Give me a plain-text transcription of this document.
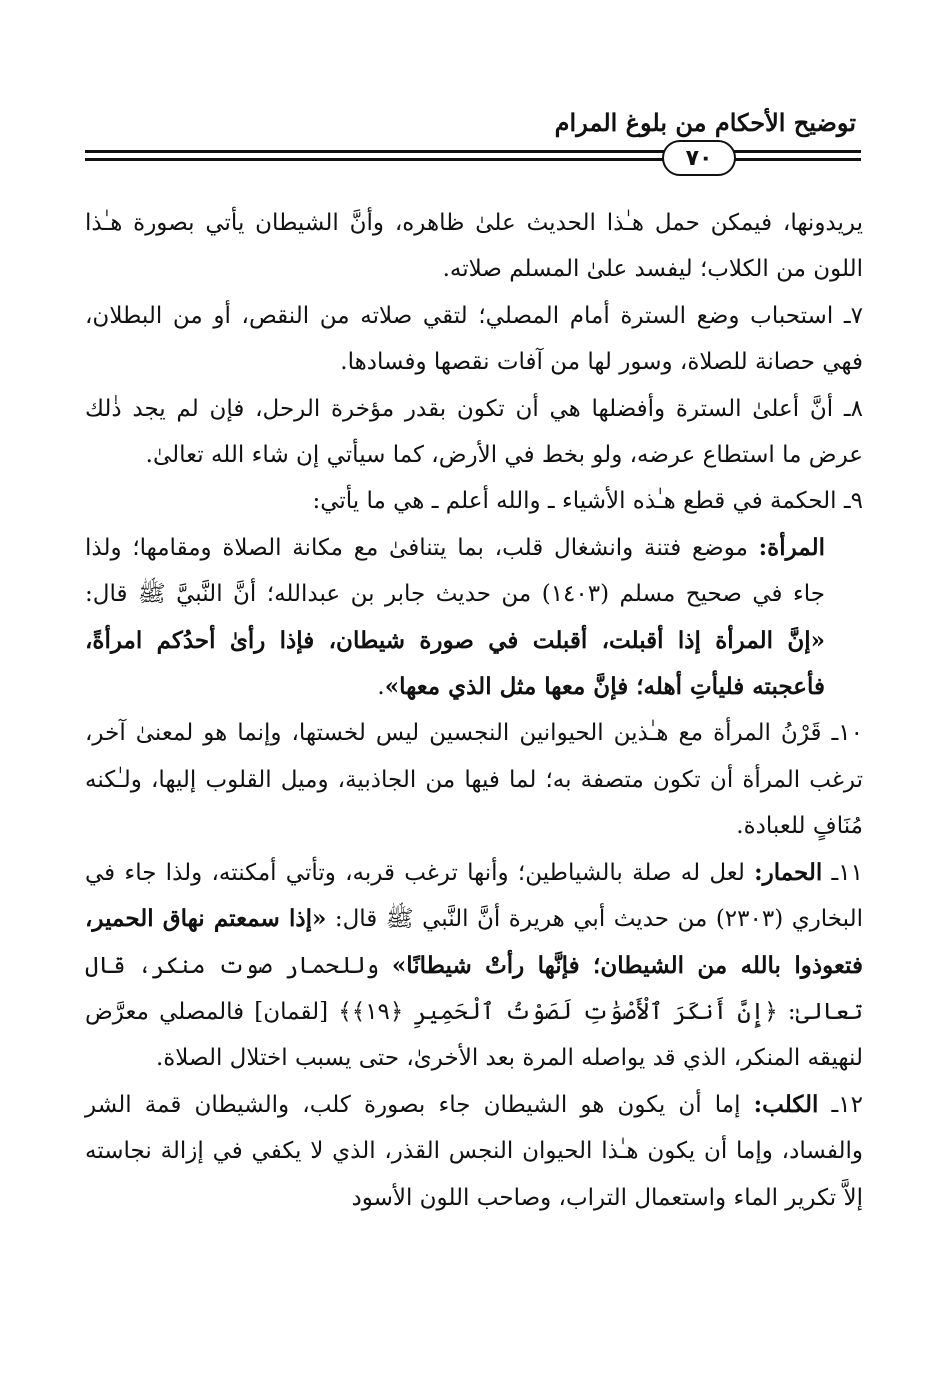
توضيح الأحكام من بلوغ المرام
٧٠

يريدونها، فيمكن حمل هـٰذا الحديث علىٰ ظاهره، وأنَّ الشيطان يأتي بصورة هـٰذا اللون من الكلاب؛ ليفسد علىٰ المسلم صلاته.

٧ـ استحباب وضع السترة أمام المصلي؛ لتقي صلاته من النقص، أو من البطلان، فهي حصانة للصلاة، وسور لها من آفات نقصها وفسادها.

٨ـ أنَّ أعلىٰ السترة وأفضلها هي أن تكون بقدر مؤخرة الرحل، فإن لم يجد ذٰلك عرض ما استطاع عرضه، ولو بخط في الأرض، كما سيأتي إن شاء الله تعالىٰ.

٩ـ الحكمة في قطع هـٰذه الأشياء ـ والله أعلم ـ هي ما يأتي:

المرأة: موضع فتنة وانشغال قلب، بما يتنافىٰ مع مكانة الصلاة ومقامها؛ ولذا جاء في صحيح مسلم (١٤٠٣) من حديث جابر بن عبدالله؛ أنَّ النَّبيَّ ﷺ قال: «إنَّ المرأة إذا أقبلت، أقبلت في صورة شيطان، فإذا رأىٰ أحدُكم امرأةً، فأعجبته فليأتِ أهله؛ فإنَّ معها مثل الذي معها».

١٠ـ قَرْنُ المرأة مع هـٰذين الحيوانين النجسين ليس لخستها، وإنما هو لمعنىٰ آخر، ترغب المرأة أن تكون متصفة به؛ لما فيها من الجاذبية، وميل القلوب إليها، ولـٰكنه مُنَافٍ للعبادة.

١١ـ الحمار: لعل له صلة بالشياطين؛ وأنها ترغب قربه، وتأتي أمكنته، ولذا جاء في البخاري (٢٣٠٣) من حديث أبي هريرة أنَّ النَّبي ﷺ قال: «إذا سمعتم نهاق الحمير، فتعوذوا بالله من الشيطان؛ فإنَّها رأتْ شيطانًا» وللحمار صوت منكر، قال تعالىٰ: ﴿إِنَّ أَنكَرَ ٱلْأَصْوَٰتِ لَصَوْتُ ٱلْحَمِيرِ ﴿١٩﴾﴾ [لقمان] فالمصلي معرَّض لنهيقه المنكر، الذي قد يواصله المرة بعد الأخرىٰ، حتى يسبب اختلال الصلاة.

١٢ـ الكلب: إما أن يكون هو الشيطان جاء بصورة كلب، والشيطان قمة الشر والفساد، وإما أن يكون هـٰذا الحيوان النجس القذر، الذي لا يكفي في إزالة نجاسته إلاَّ تكرير الماء واستعمال التراب، وصاحب اللون الأسود
